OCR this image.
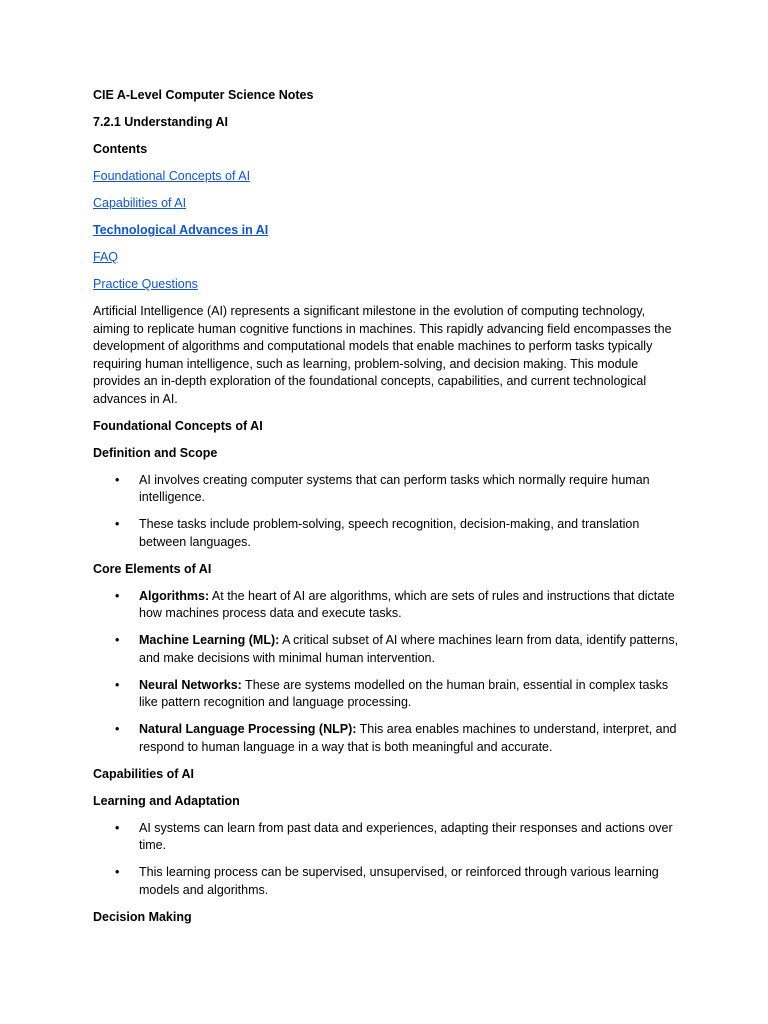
CIE A-Level Computer Science Notes

7.2.1 Understanding AI

Contents

Foundational Concepts of AI

Capabilities of AI

Technological Advances in AI

FAQ

Practice Questions

Artificial Intelligence (AI) represents a significant milestone in the evolution of computing technology, aiming to replicate human cognitive functions in machines. This rapidly advancing field encompasses the development of algorithms and computational models that enable machines to perform tasks typically requiring human intelligence, such as learning, problem-solving, and decision making. This module provides an in-depth exploration of the foundational concepts, capabilities, and current technological advances in AI.

Foundational Concepts of AI

Definition and Scope

• AI involves creating computer systems that can perform tasks which normally require human intelligence.
• These tasks include problem-solving, speech recognition, decision-making, and translation between languages.

Core Elements of AI

• Algorithms: At the heart of AI are algorithms, which are sets of rules and instructions that dictate how machines process data and execute tasks.
• Machine Learning (ML): A critical subset of AI where machines learn from data, identify patterns, and make decisions with minimal human intervention.
• Neural Networks: These are systems modelled on the human brain, essential in complex tasks like pattern recognition and language processing.
• Natural Language Processing (NLP): This area enables machines to understand, interpret, and respond to human language in a way that is both meaningful and accurate.

Capabilities of AI

Learning and Adaptation

• AI systems can learn from past data and experiences, adapting their responses and actions over time.
• This learning process can be supervised, unsupervised, or reinforced through various learning models and algorithms.

Decision Making
